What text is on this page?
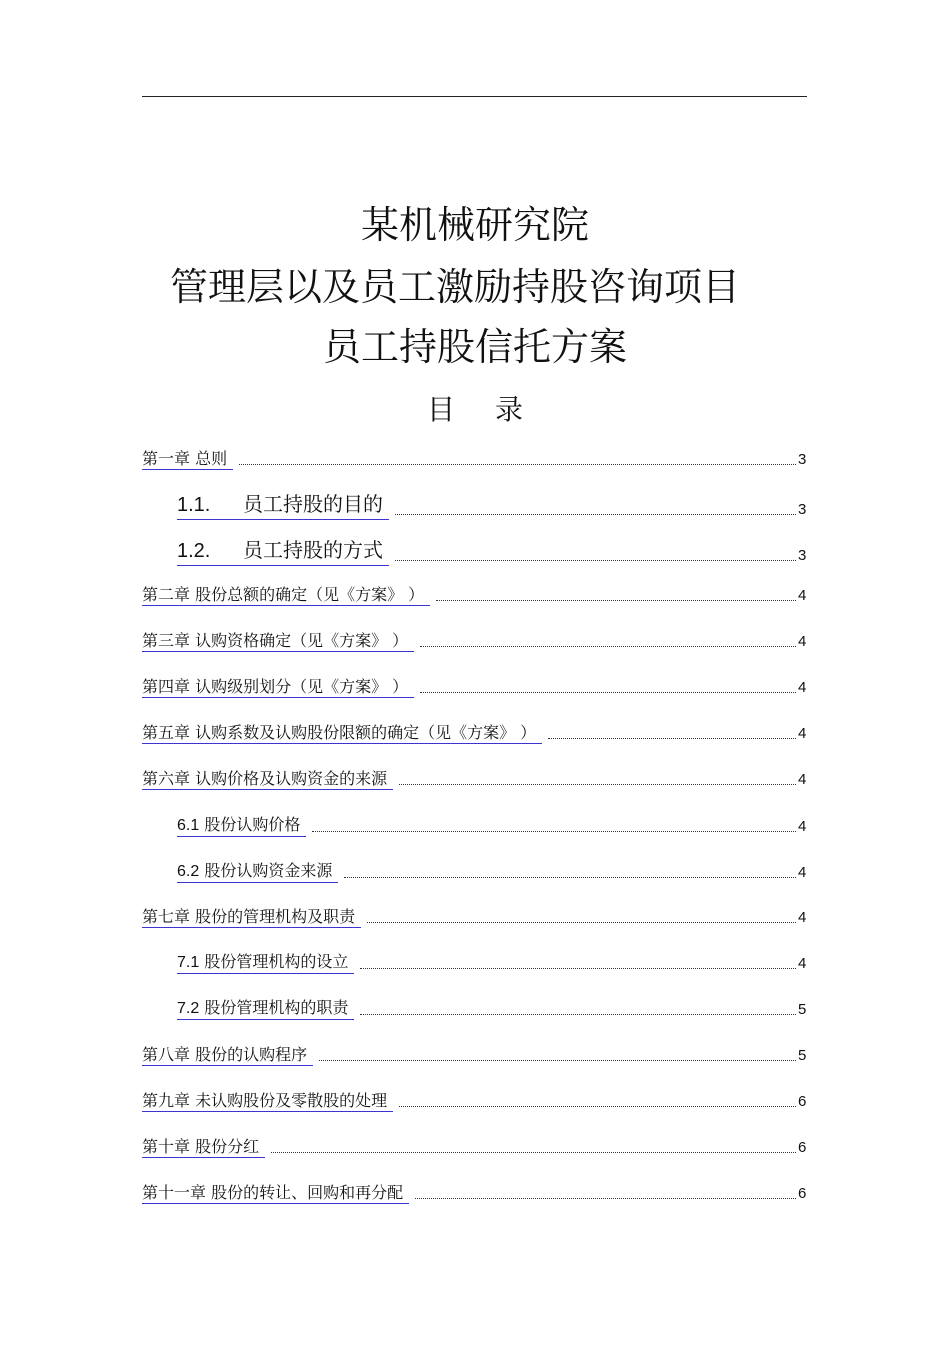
某机械研究院
管理层以及员工激励持股咨询项目
员工持股信托方案
目录
第一章 总则	3
1.1. 员工持股的目的	3
1.2. 员工持股的方式	3
第二章 股份总额的确定（见《方案》 ）	4
第三章 认购资格确定（见《方案》 ）	4
第四章 认购级别划分（见《方案》 ）	4
第五章 认购系数及认购股份限额的确定（见《方案》 ）	4
第六章 认购价格及认购资金的来源	4
6.1 股份认购价格	4
6.2 股份认购资金来源	4
第七章 股份的管理机构及职责	4
7.1 股份管理机构的设立	4
7.2 股份管理机构的职责	5
第八章 股份的认购程序	5
第九章 未认购股份及零散股的处理	6
第十章 股份分红	6
第十一章 股份的转让、回购和再分配	6
